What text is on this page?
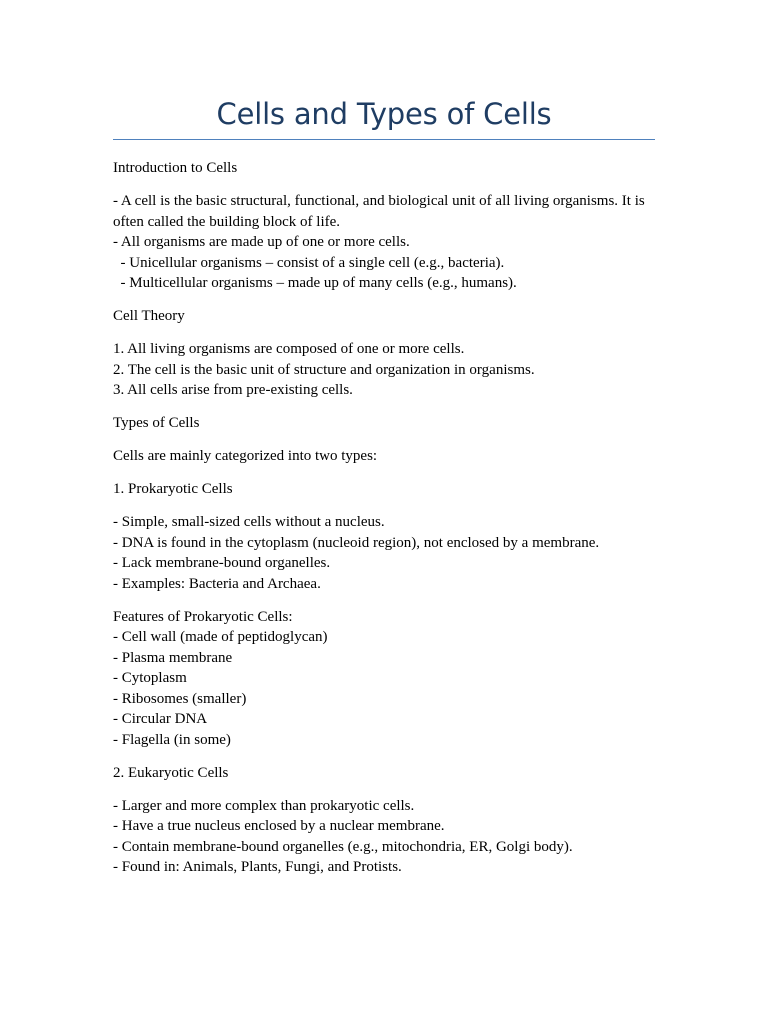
Cells and Types of Cells

Introduction to Cells

- A cell is the basic structural, functional, and biological unit of all living organisms. It is often called the building block of life.
- All organisms are made up of one or more cells.
- Unicellular organisms – consist of a single cell (e.g., bacteria).
- Multicellular organisms – made up of many cells (e.g., humans).

Cell Theory

1. All living organisms are composed of one or more cells.
2. The cell is the basic unit of structure and organization in organisms.
3. All cells arise from pre-existing cells.

Types of Cells

Cells are mainly categorized into two types:

1. Prokaryotic Cells

- Simple, small-sized cells without a nucleus.
- DNA is found in the cytoplasm (nucleoid region), not enclosed by a membrane.
- Lack membrane-bound organelles.
- Examples: Bacteria and Archaea.

Features of Prokaryotic Cells:
- Cell wall (made of peptidoglycan)
- Plasma membrane
- Cytoplasm
- Ribosomes (smaller)
- Circular DNA
- Flagella (in some)

2. Eukaryotic Cells

- Larger and more complex than prokaryotic cells.
- Have a true nucleus enclosed by a nuclear membrane.
- Contain membrane-bound organelles (e.g., mitochondria, ER, Golgi body).
- Found in: Animals, Plants, Fungi, and Protists.
